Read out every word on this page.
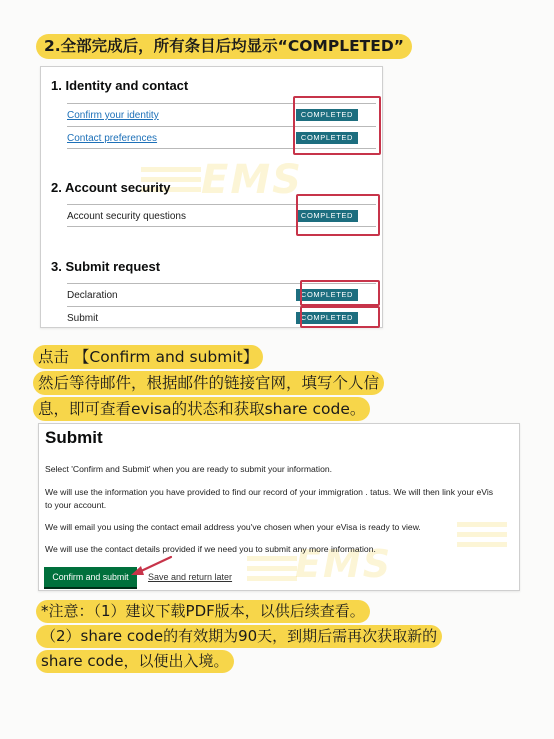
2.全部完成后，所有条目后均显示“COMPLETED”
EMS
1. Identity and contact
Confirm your identity	COMPLETED
Contact preferences	COMPLETED
2. Account security
Account security questions	COMPLETED
3. Submit request
Declaration	COMPLETED
Submit	COMPLETED
点击 【Confirm and submit】
然后等待邮件，根据邮件的链接官网，填写个人信
息，即可查看evisa的状态和获取share code。
EMS
Submit
Select 'Confirm and Submit' when you are ready to submit your information.
We will use the information you have provided to find our record of your immigration . tatus. We will then link your eVis
to your account.
We will email you using the contact email address you've chosen when your eVisa is ready to view.
We will use the contact details provided if we need you to submit any more information.
Confirm and submit	Save and return later
*注意：（1）建议下载PDF版本，以供后续查看。
（2）share code的有效期为90天，到期后需再次获取新的
share code，以便出入境。
